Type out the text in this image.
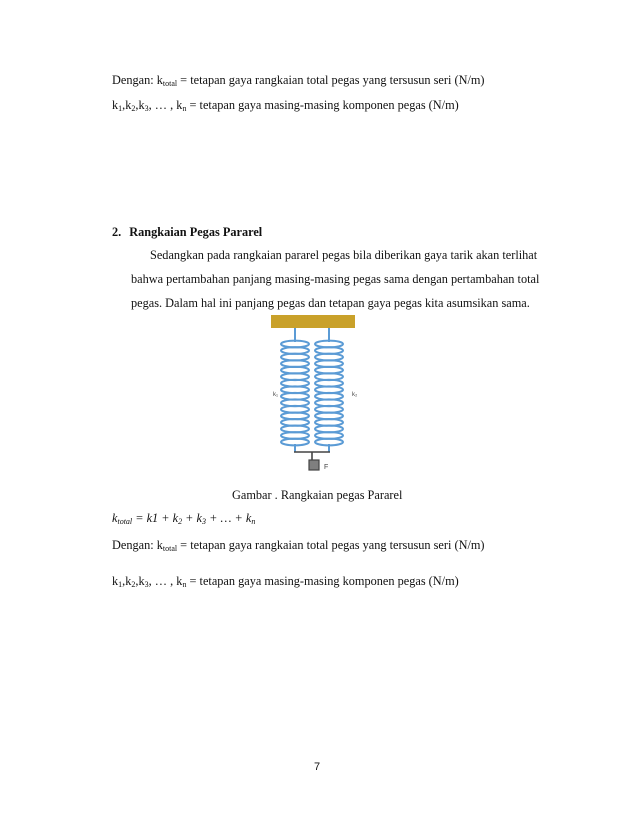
Dengan: $k_{total}$ = tetapan gaya rangkaian total pegas yang tersusun seri (N/m)
$k_1,k_2,k_3$, … , $k_n$ = tetapan gaya masing-masing komponen pegas (N/m)
2. Rangkaian Pegas Pararel
Sedangkan pada rangkaian pararel pegas bila diberikan gaya tarik akan terlihat
bahwa pertambahan panjang masing-masing pegas sama dengan pertambahan total
pegas. Dalam hal ini panjang pegas dan tetapan gaya pegas kita asumsikan sama.
k₁	k₂
F
Gambar . Rangkaian pegas Pararel
$k_{total} = k1 + k_2 + k_3$ + … + $k_n$
Dengan: $k_{total}$ = tetapan gaya rangkaian total pegas yang tersusun seri (N/m)
$k_1,k_2,k_3$, … , $k_n$ = tetapan gaya masing-masing komponen pegas (N/m)
7
